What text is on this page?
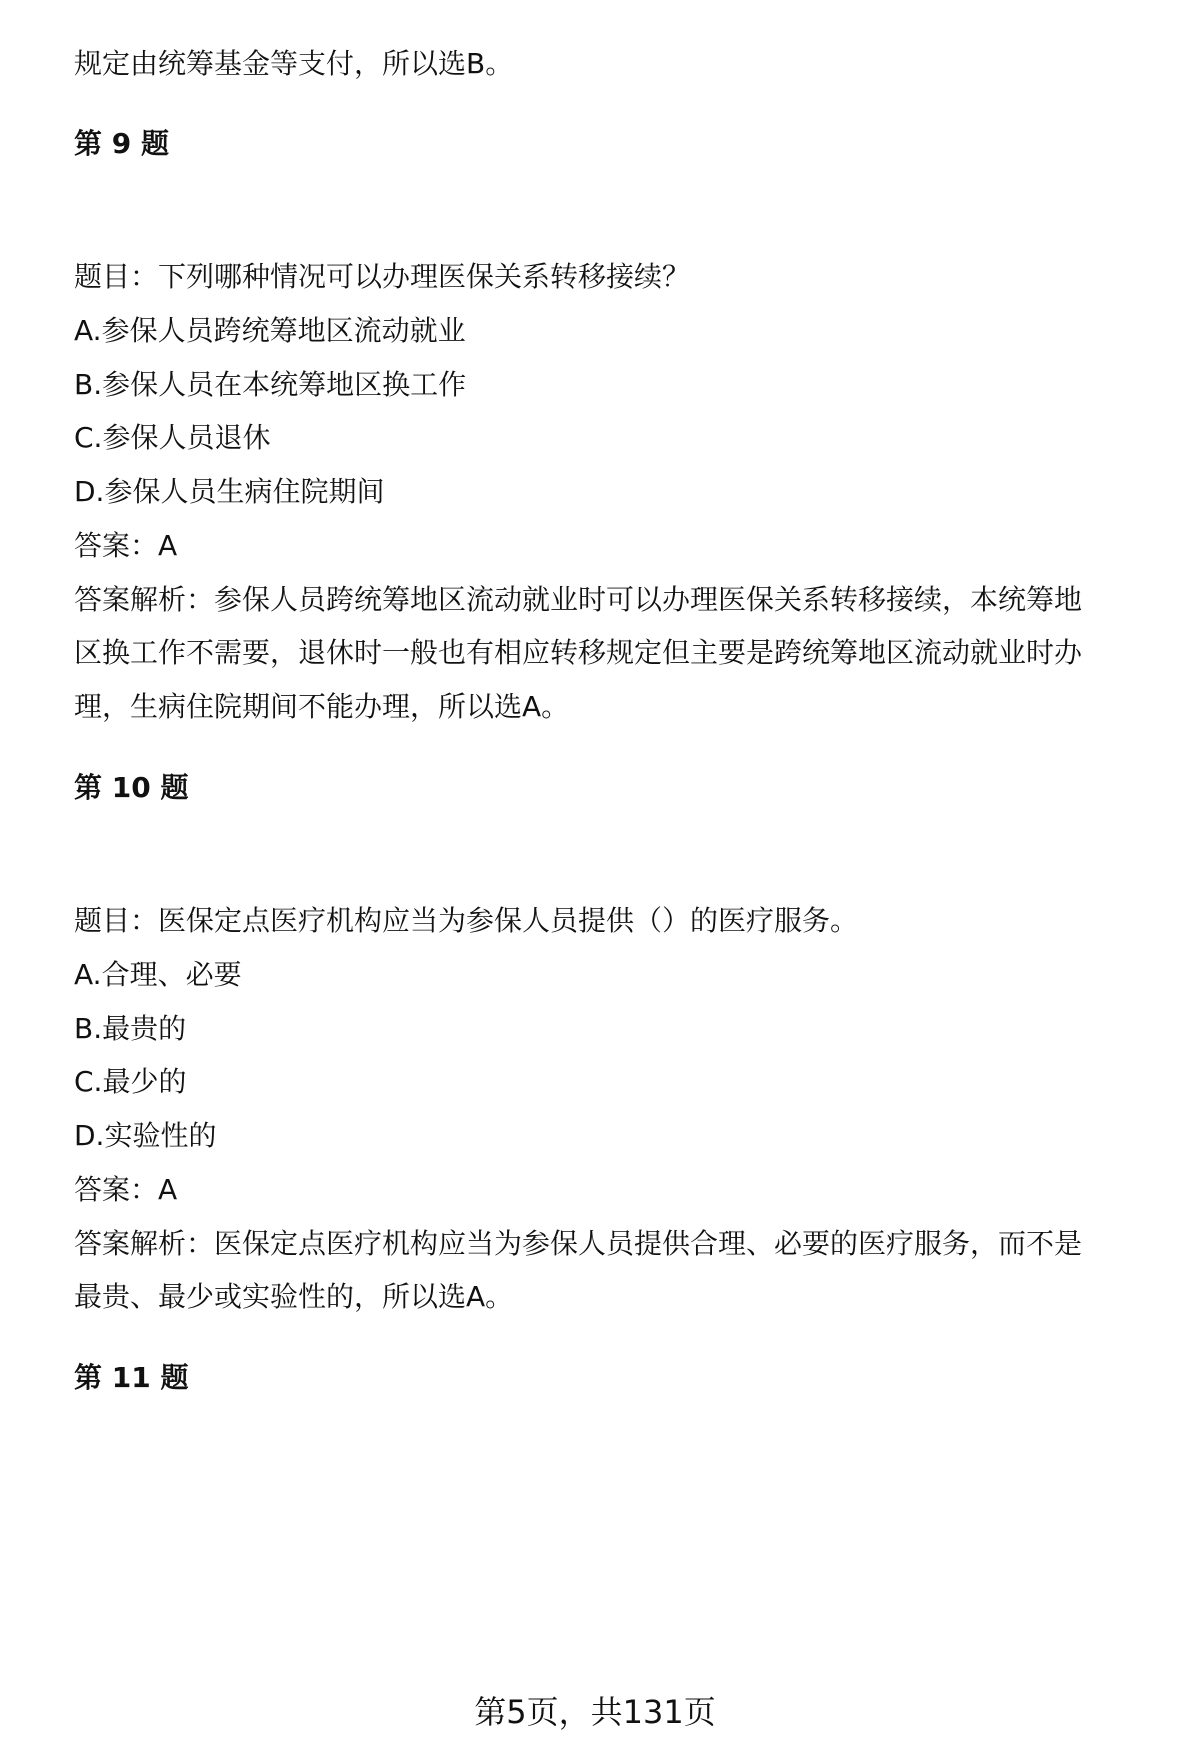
规定由统筹基金等支付，所以选B。
第 9 题
题目：下列哪种情况可以办理医保关系转移接续？
A.参保人员跨统筹地区流动就业
B.参保人员在本统筹地区换工作
C.参保人员退休
D.参保人员生病住院期间
答案：A
答案解析：参保人员跨统筹地区流动就业时可以办理医保关系转移接续，本统筹地
区换工作不需要，退休时一般也有相应转移规定但主要是跨统筹地区流动就业时办
理，生病住院期间不能办理，所以选A。
第 10 题
题目：医保定点医疗机构应当为参保人员提供（）的医疗服务。
A.合理、必要
B.最贵的
C.最少的
D.实验性的
答案：A
答案解析：医保定点医疗机构应当为参保人员提供合理、必要的医疗服务，而不是
最贵、最少或实验性的，所以选A。
第 11 题
第5页，共131页
